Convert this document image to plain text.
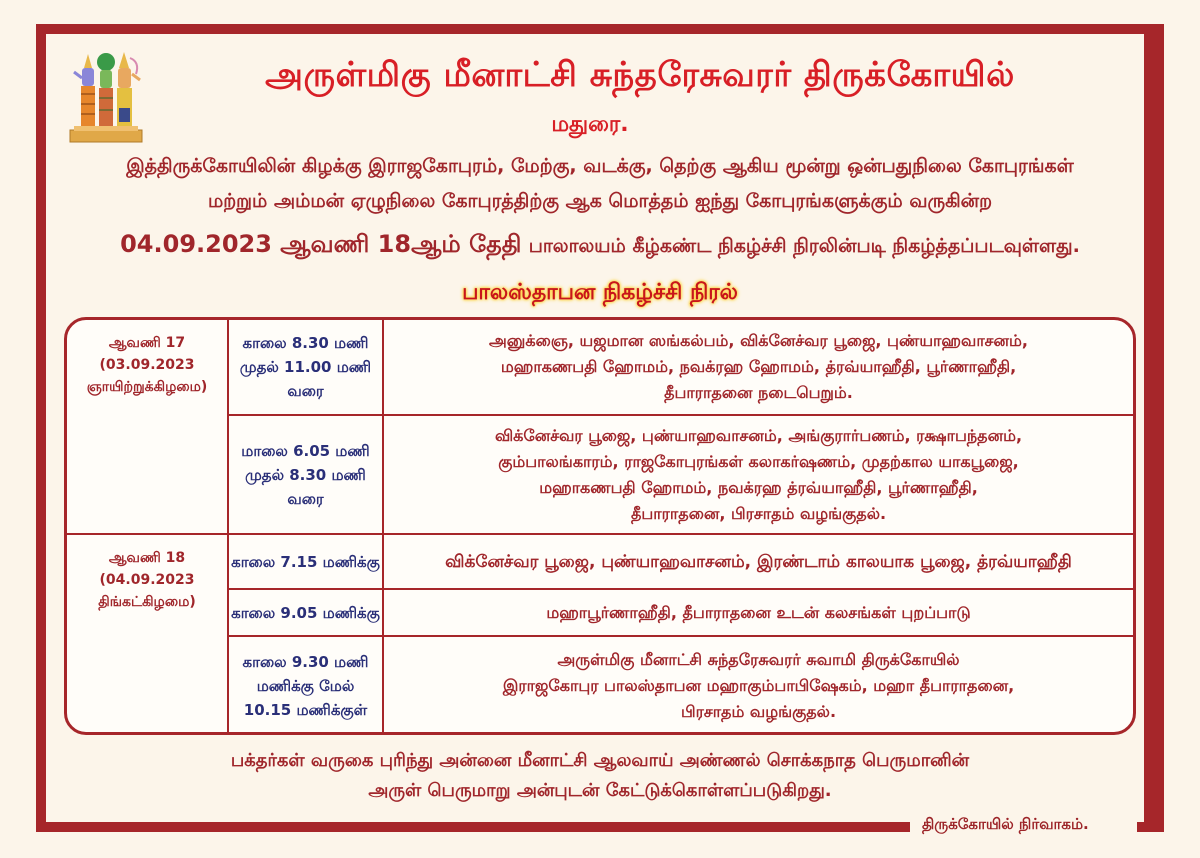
அருள்மிகு மீனாட்சி சுந்தரேசுவரர் திருக்கோயில்
மதுரை.
இத்திருக்கோயிலின் கிழக்கு இராஜகோபுரம், மேற்கு, வடக்கு, தெற்கு ஆகிய மூன்று ஒன்பதுநிலை கோபுரங்கள்
மற்றும் அம்மன் ஏழுநிலை கோபுரத்திற்கு ஆக மொத்தம் ஐந்து கோபுரங்களுக்கும் வருகின்ற
04.09.2023 ஆவணி 18ஆம் தேதி பாலாலயம் கீழ்கண்ட நிகழ்ச்சி நிரலின்படி நிகழ்த்தப்படவுள்ளது.
பாலஸ்தாபன நிகழ்ச்சி நிரல்
ஆவணி 17
(03.09.2023
ஞாயிற்றுக்கிழமை)
காலை 8.30 மணி
முதல் 11.00 மணி வரை
அனுக்ஞை, யஜமான ஸங்கல்பம், விக்னேச்வர பூஜை, புண்யாஹவாசனம்,
மஹாகணபதி ஹோமம், நவக்ரஹ ஹோமம், த்ரவ்யாஹீதி, பூர்ணாஹீதி,
தீபாராதனை நடைபெறும்.
மாலை 6.05 மணி
முதல் 8.30 மணி வரை
விக்னேச்வர பூஜை, புண்யாஹவாசனம், அங்குரார்பணம், ரக்ஷாபந்தனம்,
கும்பாலங்காரம், ராஜகோபுரங்கள் கலாகர்ஷணம், முதற்கால யாகபூஜை,
மஹாகணபதி ஹோமம், நவக்ரஹ த்ரவ்யாஹீதி, பூர்ணாஹீதி,
தீபாராதனை, பிரசாதம் வழங்குதல்.
ஆவணி 18
(04.09.2023
திங்கட்கிழமை)
காலை 7.15 மணிக்கு	விக்னேச்வர பூஜை, புண்யாஹவாசனம், இரண்டாம் காலயாக பூஜை, த்ரவ்யாஹீதி
காலை 9.05 மணிக்கு	மஹாபூர்ணாஹீதி, தீபாராதனை உடன் கலசங்கள் புறப்பாடு
காலை 9.30 மணி
மணிக்கு மேல்
10.15 மணிக்குள்
அருள்மிகு மீனாட்சி சுந்தரேசுவரர் சுவாமி திருக்கோயில்
இராஜகோபுர பாலஸ்தாபன மஹாகும்பாபிஷேகம், மஹா தீபாராதனை,
பிரசாதம் வழங்குதல்.
பக்தர்கள் வருகை புரிந்து அன்னை மீனாட்சி ஆலவாய் அண்ணல் சொக்கநாத பெருமானின்
அருள் பெருமாறு அன்புடன் கேட்டுக்கொள்ளப்படுகிறது.
திருக்கோயில் நிர்வாகம்.
